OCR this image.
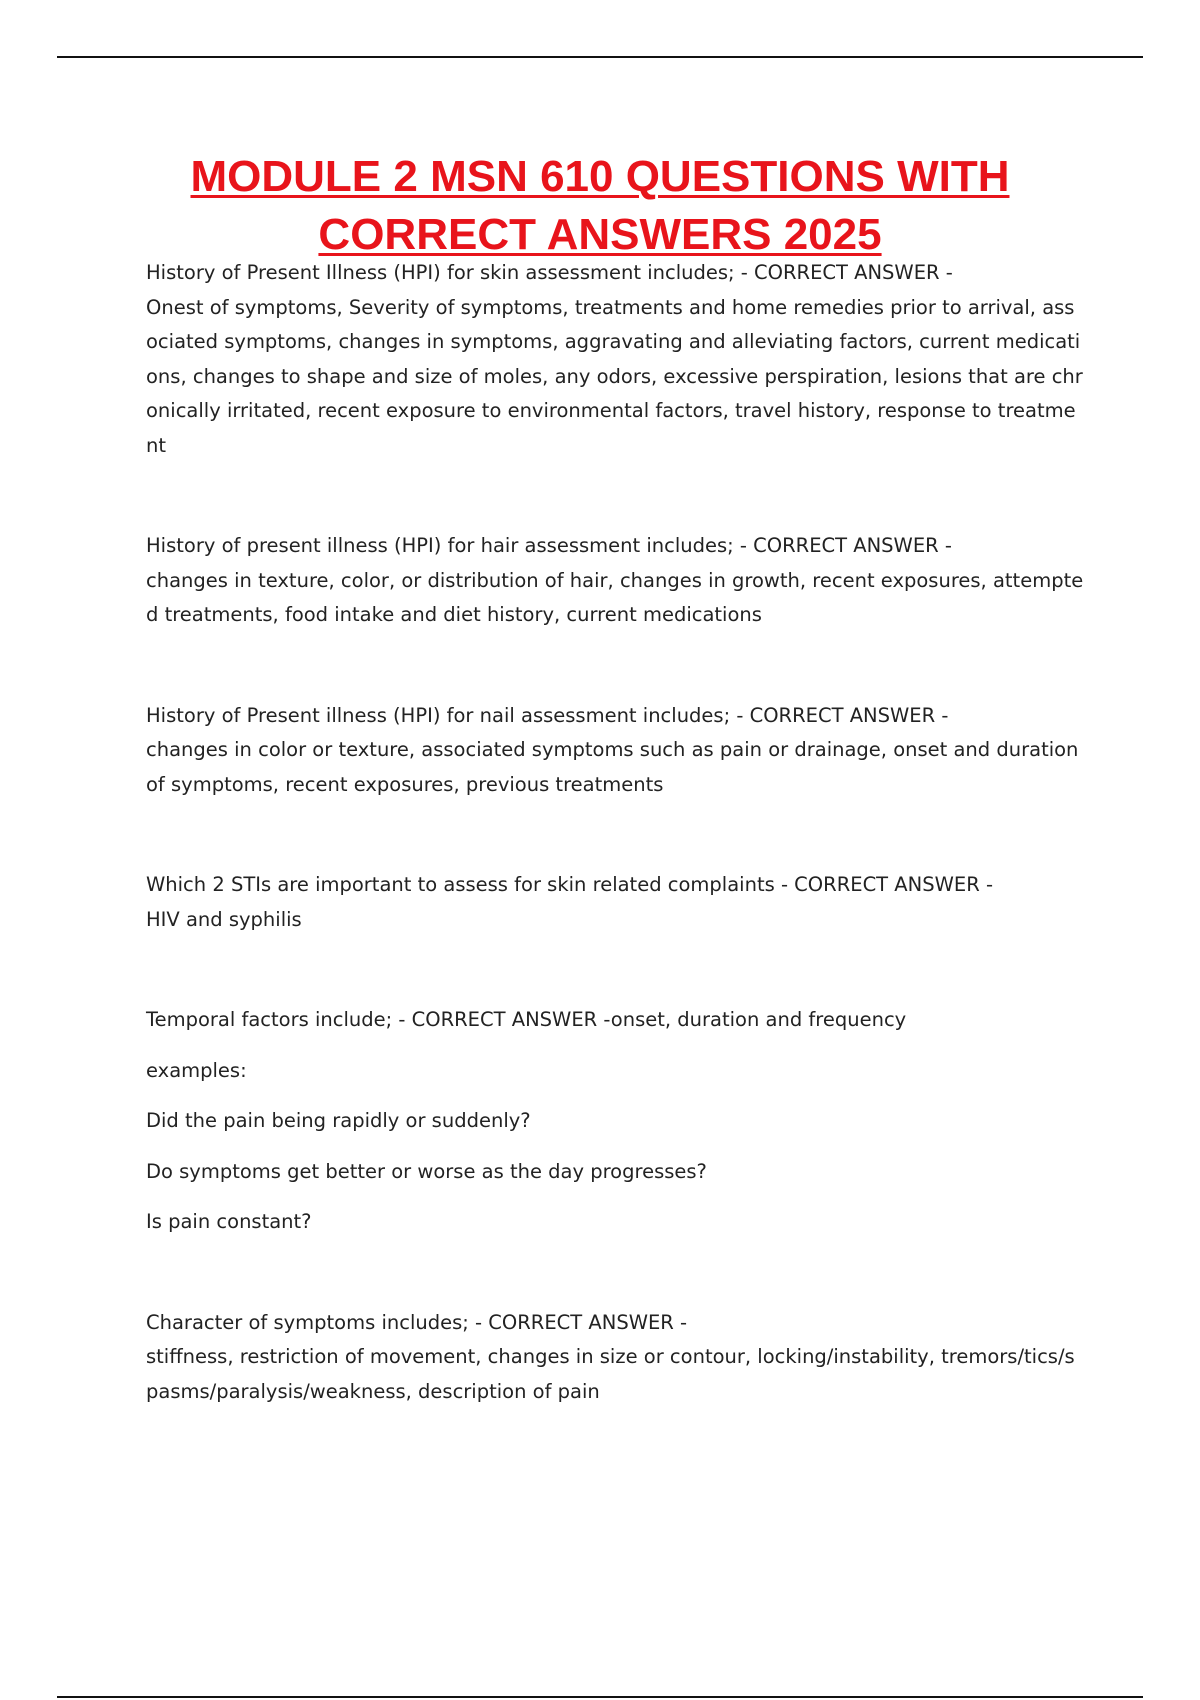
MODULE 2 MSN 610 QUESTIONS WITH
CORRECT ANSWERS 2025

History of Present Illness (HPI) for skin assessment includes; - CORRECT ANSWER -

Onest of symptoms, Severity of symptoms, treatments and home remedies prior to arrival, associated symptoms, changes in symptoms, aggravating and alleviating factors, current medications, changes to shape and size of moles, any odors, excessive perspiration, lesions that are chronically irritated, recent exposure to environmental factors, travel history, response to treatment

History of present illness (HPI) for hair assessment includes; - CORRECT ANSWER -

changes in texture, color, or distribution of hair, changes in growth, recent exposures, attempted treatments, food intake and diet history, current medications

History of Present illness (HPI) for nail assessment includes; - CORRECT ANSWER -

changes in color or texture, associated symptoms such as pain or drainage, onset and duration of symptoms, recent exposures, previous treatments

Which 2 STIs are important to assess for skin related complaints - CORRECT ANSWER -

HIV and syphilis

Temporal factors include; - CORRECT ANSWER -onset, duration and frequency

examples:

Did the pain being rapidly or suddenly?

Do symptoms get better or worse as the day progresses?

Is pain constant?

Character of symptoms includes; - CORRECT ANSWER -

stiffness, restriction of movement, changes in size or contour, locking/instability, tremors/tics/spasms/paralysis/weakness, description of pain
